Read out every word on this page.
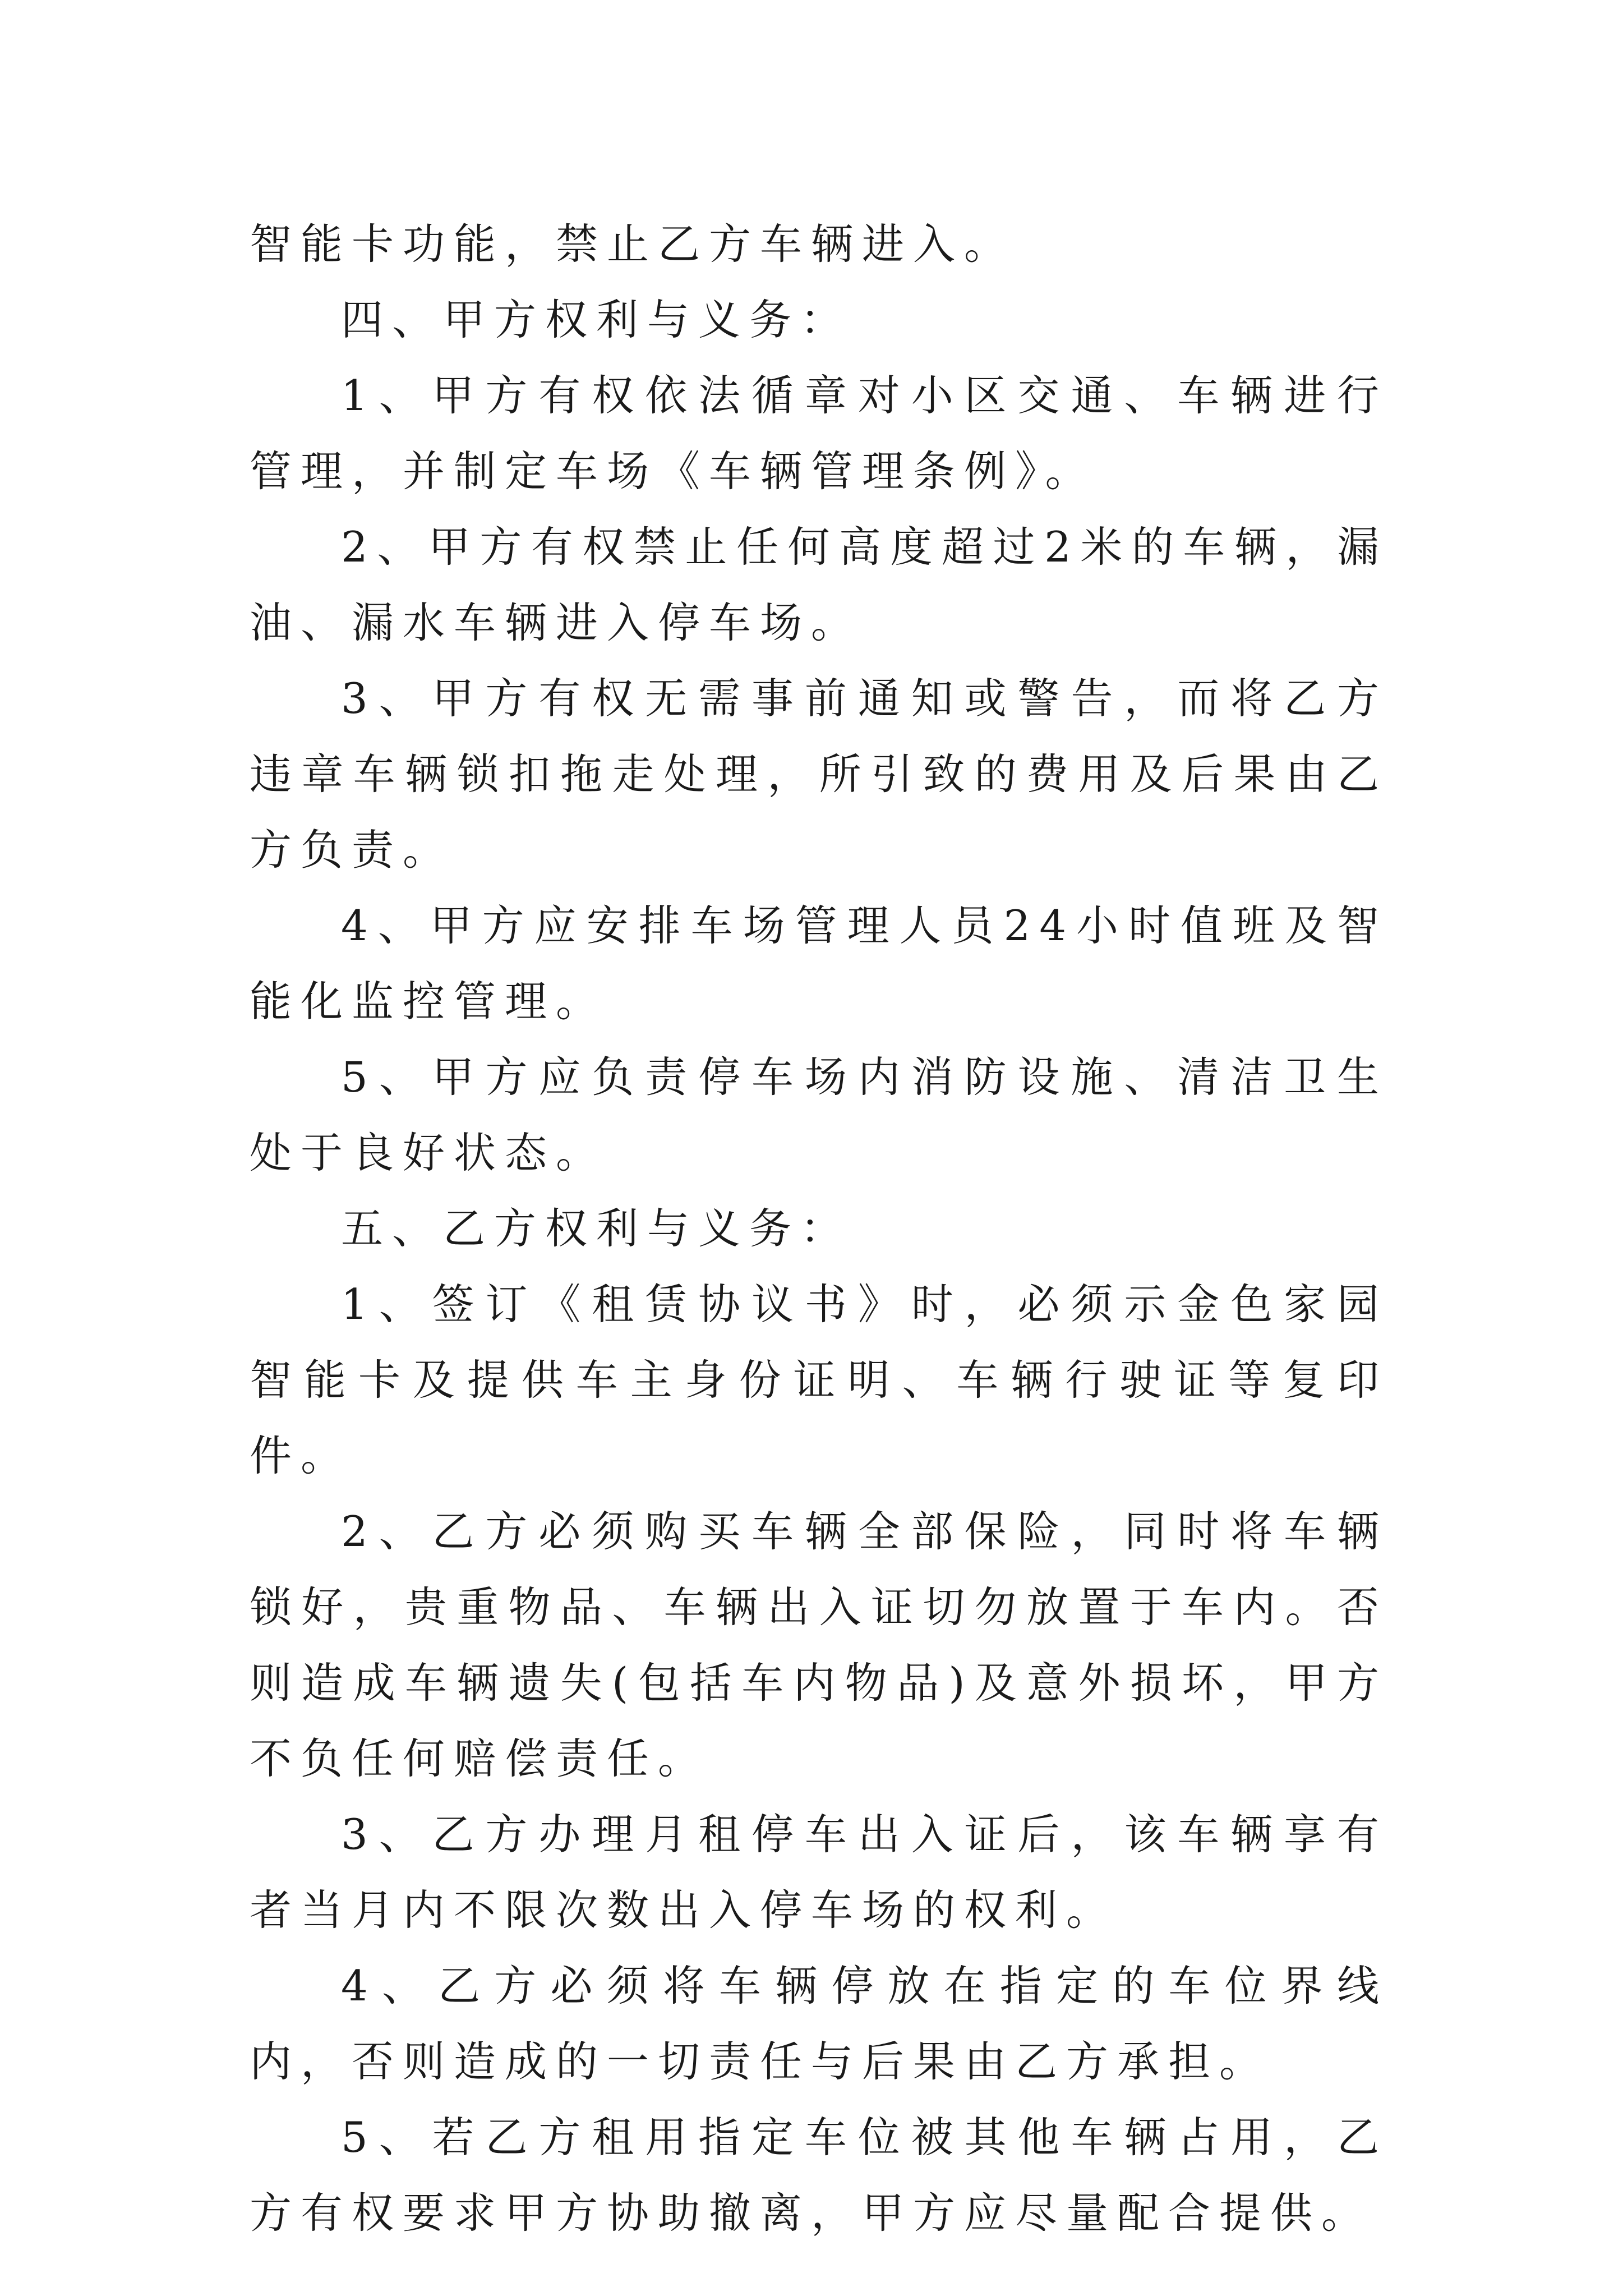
智能卡功能，禁止乙方车辆进入。

四、甲方权利与义务：

1、甲方有权依法循章对小区交通、车辆进行管理，并制定车场《车辆管理条例》。

2、甲方有权禁止任何高度超过2米的车辆，漏油、漏水车辆进入停车场。

3、甲方有权无需事前通知或警告，而将乙方违章车辆锁扣拖走处理，所引致的费用及后果由乙方负责。

4、甲方应安排车场管理人员24小时值班及智能化监控管理。

5、甲方应负责停车场内消防设施、清洁卫生处于良好状态。

五、乙方权利与义务：

1、签订《租赁协议书》时，必须示金色家园智能卡及提供车主身份证明、车辆行驶证等复印件。

2、乙方必须购买车辆全部保险，同时将车辆锁好，贵重物品、车辆出入证切勿放置于车内。否则造成车辆遗失(包括车内物品)及意外损坏，甲方不负任何赔偿责任。

3、乙方办理月租停车出入证后，该车辆享有者当月内不限次数出入停车场的权利。

4、乙方必须将车辆停放在指定的车位界线内，否则造成的一切责任与后果由乙方承担。

5、若乙方租用指定车位被其他车辆占用，乙方有权要求甲方协助撤离，甲方应尽量配合提供。
